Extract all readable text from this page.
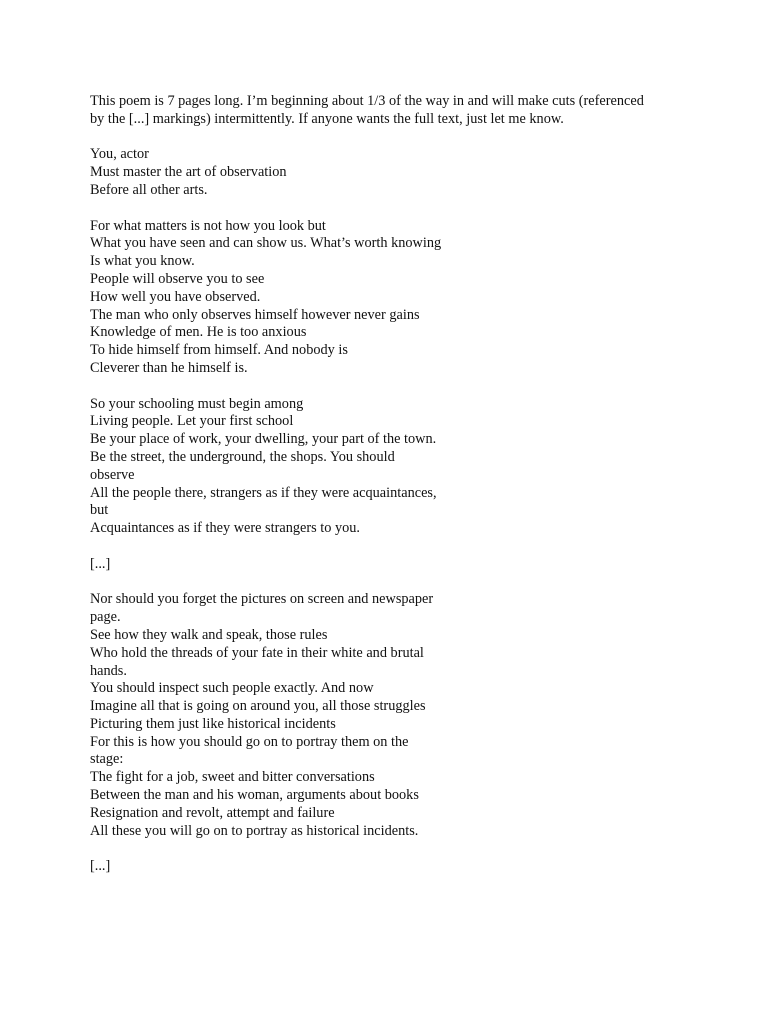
This poem is 7 pages long. I’m beginning about 1/3 of the way in and will make cuts (referenced
by the [...] markings) intermittently. If anyone wants the full text, just let me know.
You, actor
Must master the art of observation
Before all other arts.
For what matters is not how you look but
What you have seen and can show us. What’s worth knowing
Is what you know.
People will observe you to see
How well you have observed.
The man who only observes himself however never gains
Knowledge of men. He is too anxious
To hide himself from himself. And nobody is
Cleverer than he himself is.
So your schooling must begin among
Living people. Let your first school
Be your place of work, your dwelling, your part of the town.
Be the street, the underground, the shops. You should
observe
All the people there, strangers as if they were acquaintances,
but
Acquaintances as if they were strangers to you.
[...]
Nor should you forget the pictures on screen and newspaper
page.
See how they walk and speak, those rules
Who hold the threads of your fate in their white and brutal
hands.
You should inspect such people exactly. And now
Imagine all that is going on around you, all those struggles
Picturing them just like historical incidents
For this is how you should go on to portray them on the
stage:
The fight for a job, sweet and bitter conversations
Between the man and his woman, arguments about books
Resignation and revolt, attempt and failure
All these you will go on to portray as historical incidents.
[...]
